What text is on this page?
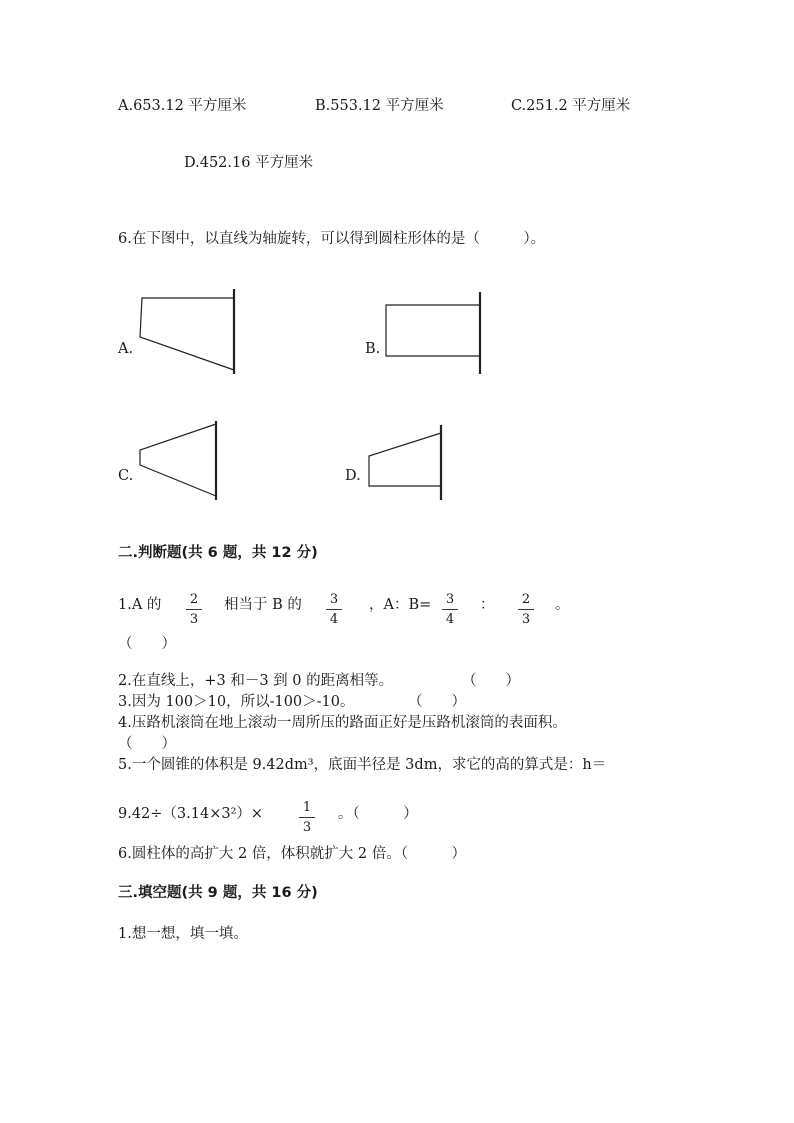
A.653.12 平方厘米	B.553.12 平方厘米	C.251.2 平方厘米
D.452.16 平方厘米
6.在下图中，以直线为轴旋转，可以得到圆柱形体的是（　　　）。
A.	B.
C.	D.
二.判断题(共 6 题，共 12 分)
1.A 的	2
3
相当于 B 的	3
4
，A：B=	3
4
：	2
3
。
（　　）
2.在直线上，+3 和－3 到 0 的距离相等。	（　　）
3.因为 100＞10，所以-100＞-10。	（　　）
4.压路机滚筒在地上滚动一周所压的路面正好是压路机滚筒的表面积。
（　　）
5.一个圆锥的体积是 9.42dm³，底面半径是 3dm，求它的高的算式是：h＝
9.42÷（3.14×3²）×	1
3
。（　　　）
6.圆柱体的高扩大 2 倍，体积就扩大 2 倍。（　　　）
三.填空题(共 9 题，共 16 分)
1.想一想，填一填。
